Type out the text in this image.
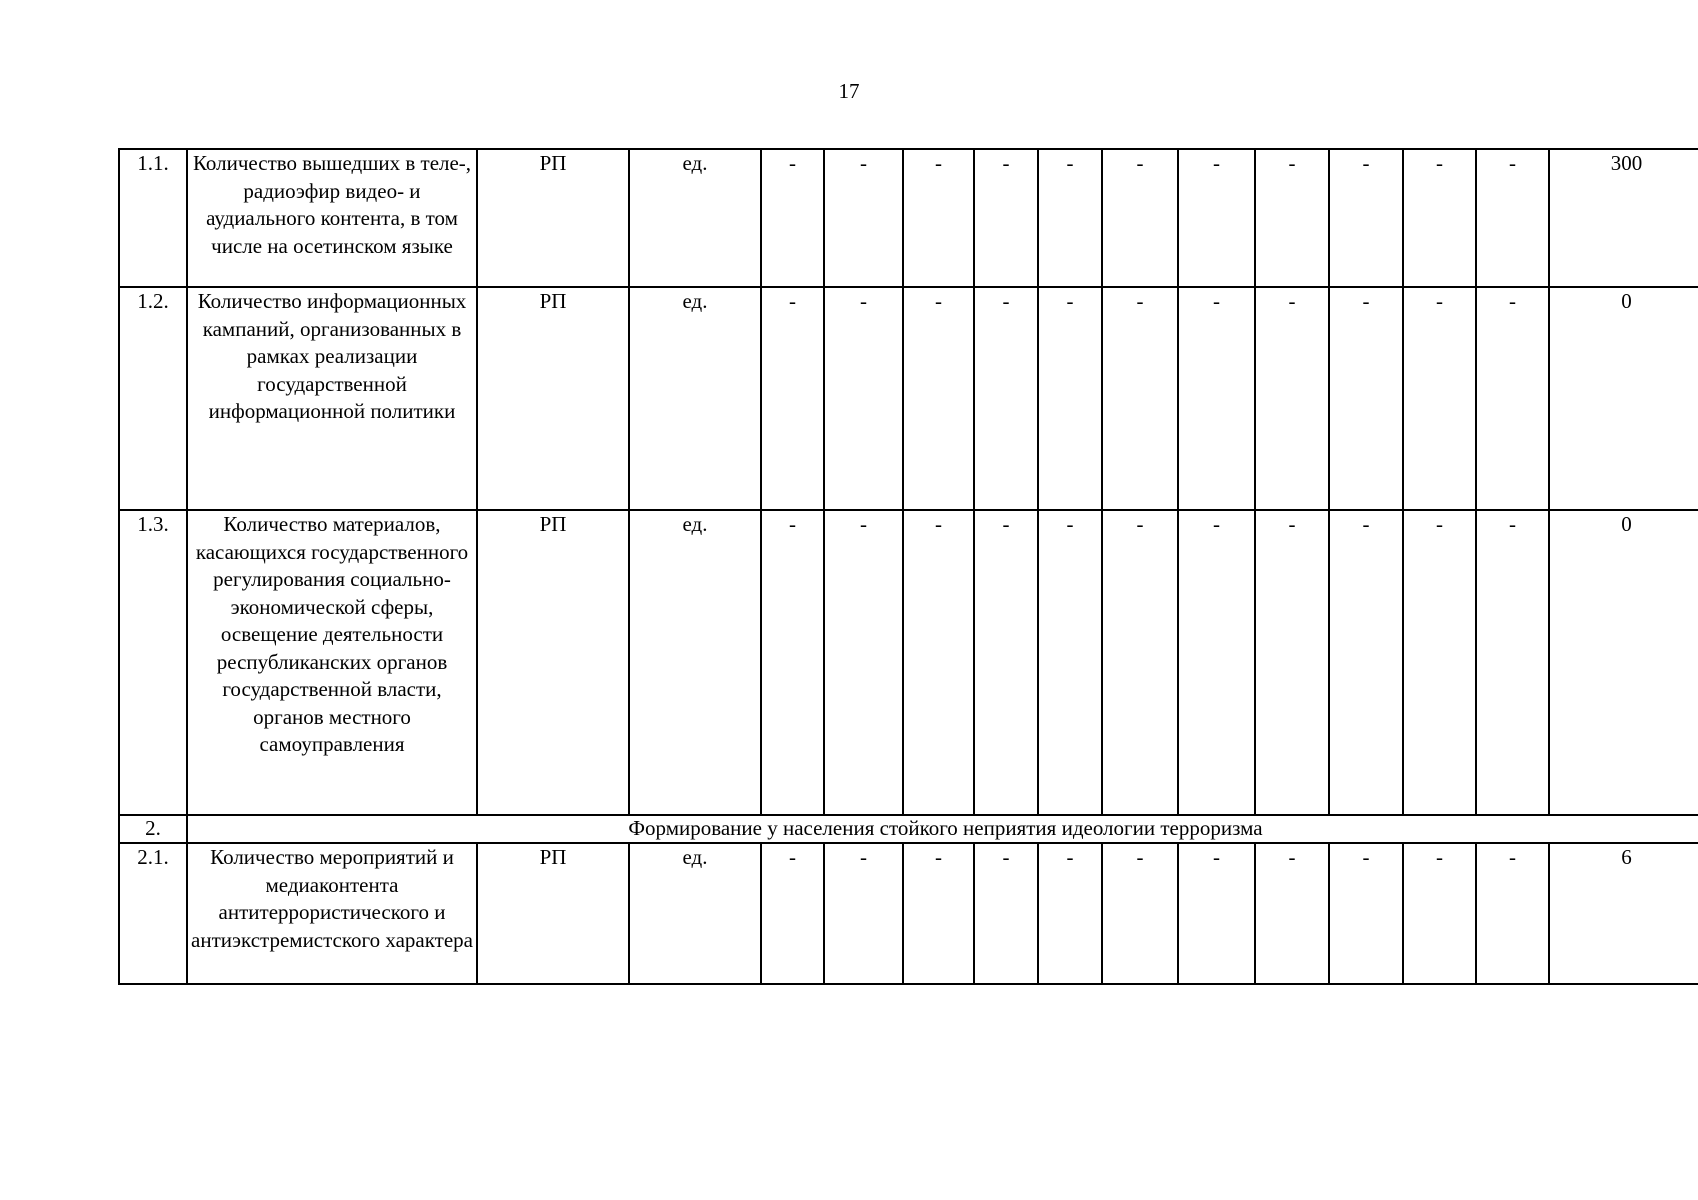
17
1.1.	Количество вышедших в теле-, радиоэфир видео- и аудиального контента, в том числе на осетинском языке	РП	ед.	-	-	-	-	-	-	-	-	-	-	-	300
1.2.	Количество информационных кампаний, организованных в рамках реализации государственной информационной политики	РП	ед.	-	-	-	-	-	-	-	-	-	-	-	0
1.3.	Количество материалов, касающихся государственного регулирования социально-экономической сферы, освещение деятельности республиканских органов государственной власти, органов местного самоуправления	РП	ед.	-	-	-	-	-	-	-	-	-	-	-	0
2.	Формирование у населения стойкого неприятия идеологии терроризма														
2.1.	Количество мероприятий и медиаконтента антитеррористического и антиэкстремистского характера	РП	ед.	-	-	-	-	-	-	-	-	-	-	-	6
